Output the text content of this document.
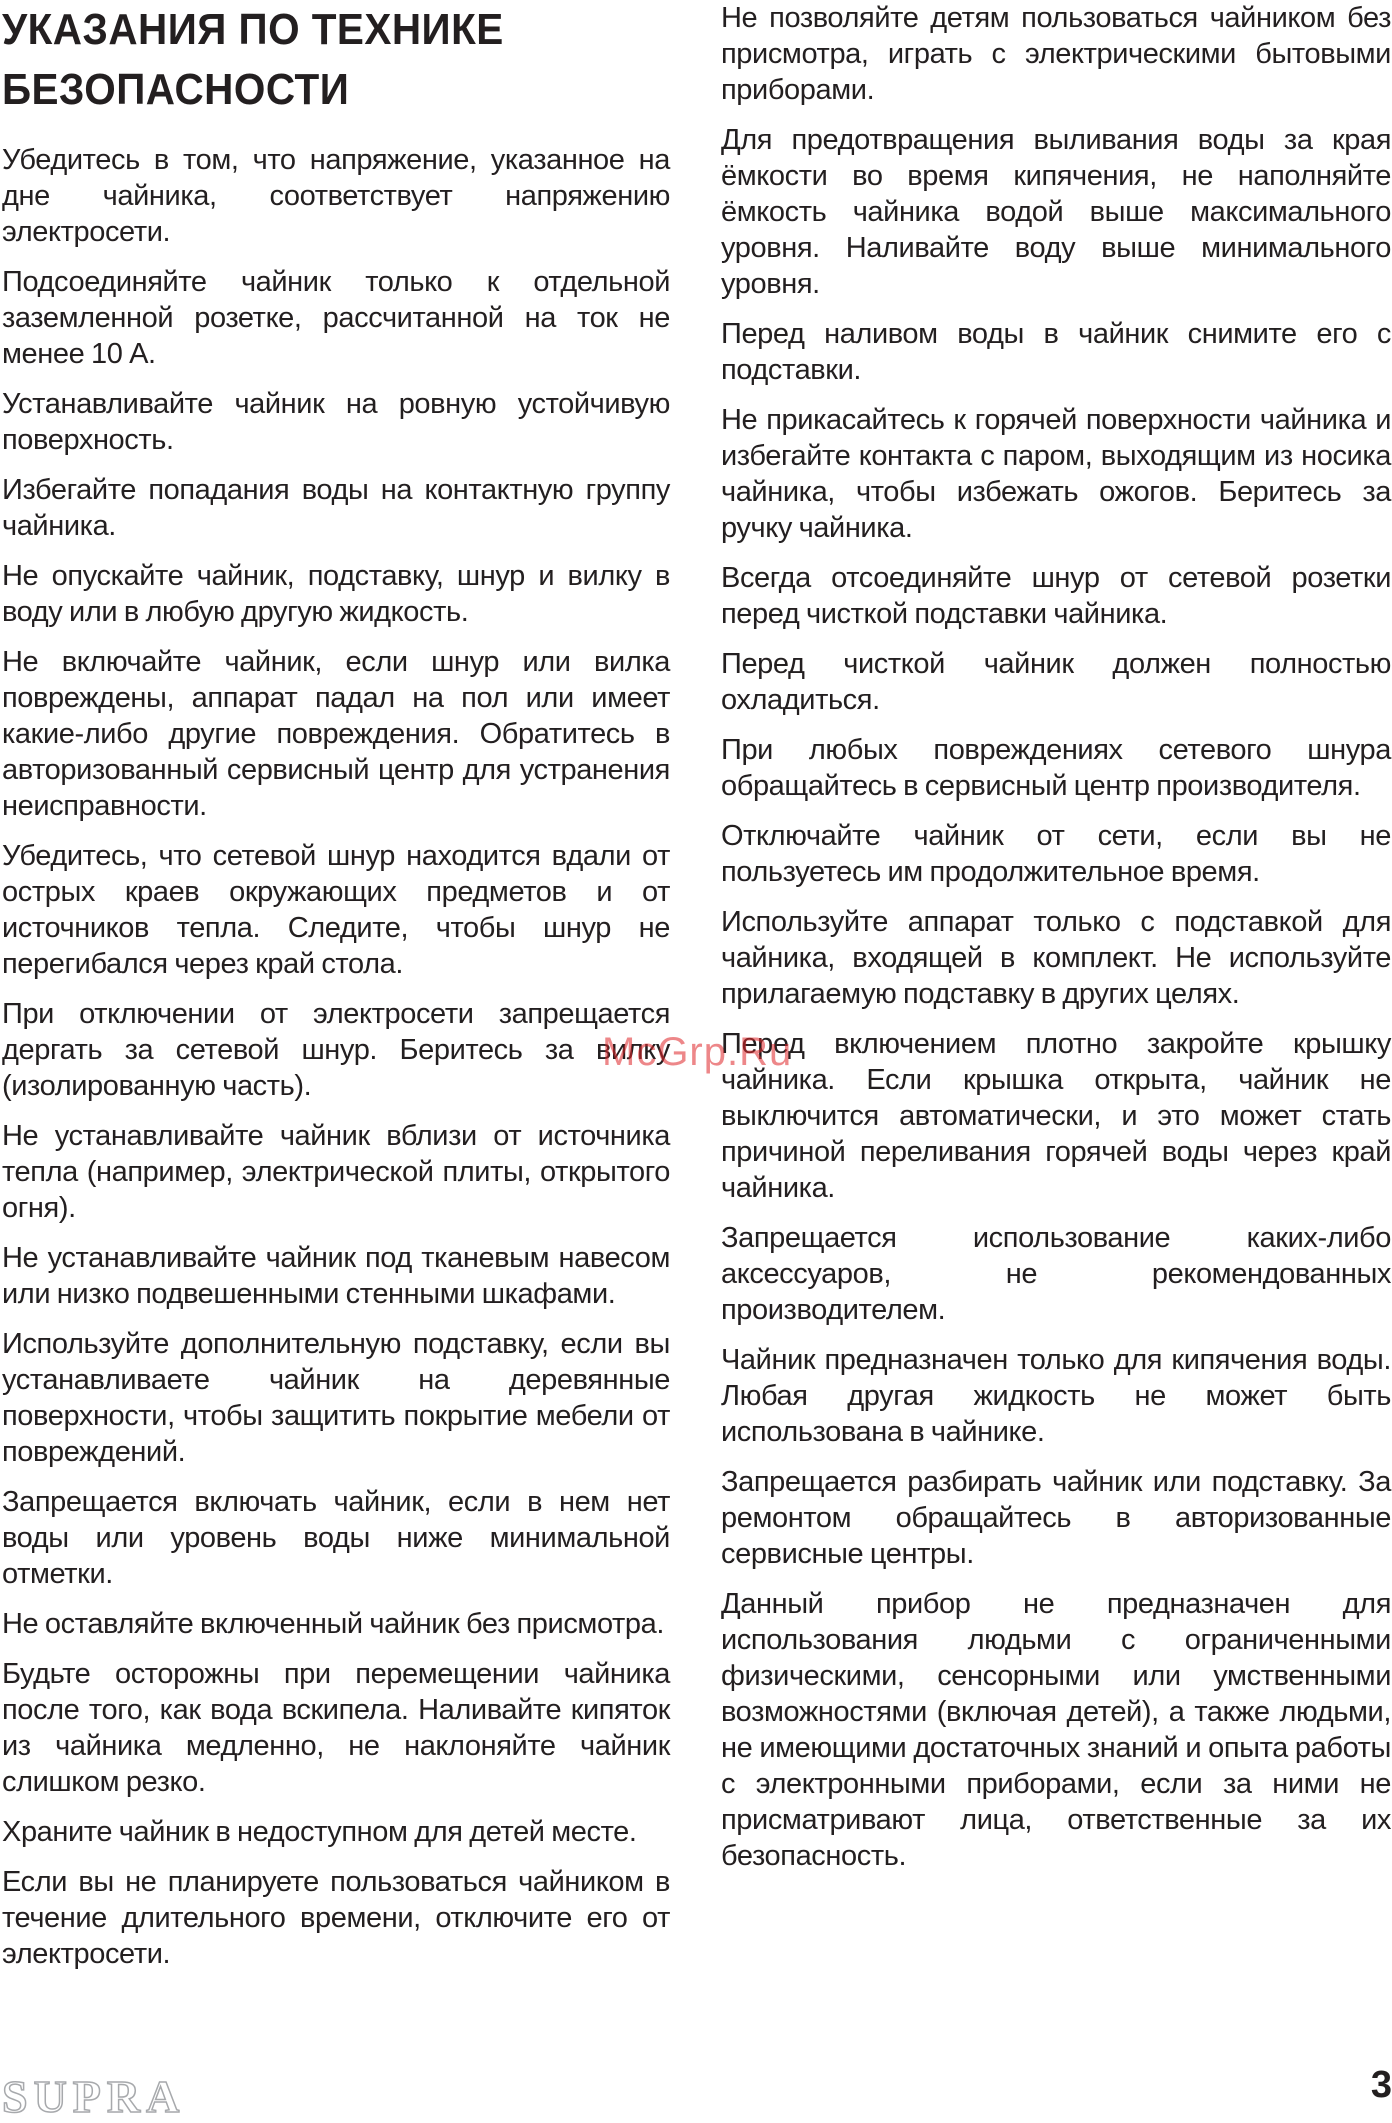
УКАЗАНИЯ ПО ТЕХНИКЕ
БЕЗОПАСНОСТИ

Убедитесь в том, что напряжение, указанное на дне чайника, соответствует напряжению электросети.

Подсоединяйте чайник только к отдельной заземленной розетке, рассчитанной на ток не менее 10 А.

Устанавливайте чайник на ровную устойчивую поверхность.

Избегайте попадания воды на контактную группу чайника.

Не опускайте чайник, подставку, шнур и вилку в воду или в любую другую жидкость.

Не включайте чайник, если шнур или вилка повреждены, аппарат падал на пол или имеет какие-либо другие повреждения. Обратитесь в авторизованный сервисный центр для устранения неисправности.

Убедитесь, что сетевой шнур находится вдали от острых краев окружающих предметов и от источников тепла. Следите, чтобы шнур не перегибался через край стола.

При отключении от электросети запрещается дергать за сетевой шнур. Беритесь за вилку (изолированную часть).

Не устанавливайте чайник вблизи от источника тепла (например, электрической плиты, открытого огня).

Не устанавливайте чайник под тканевым навесом или низко подвешенными стенными шкафами.

Используйте дополнительную подставку, если вы устанавливаете чайник на деревянные поверхности, чтобы защитить покрытие мебели от повреждений.

Запрещается включать чайник, если в нем нет воды или уровень воды ниже минимальной отметки.

Не оставляйте включенный чайник без присмотра.

Будьте осторожны при перемещении чайника после того, как вода вскипела. Наливайте кипяток из чайника медленно, не наклоняйте чайник слишком резко.

Храните чайник в недоступном для детей месте.

Если вы не планируете пользоваться чайником в течение длительного времени, отключите его от электросети.

Не позволяйте детям пользоваться чайником без присмотра, играть с электрическими бытовыми приборами.

Для предотвращения выливания воды за края ёмкости во время кипячения, не наполняйте ёмкость чайника водой выше максимального уровня. Наливайте воду выше минимального уровня.

Перед наливом воды в чайник снимите его с подставки.

Не прикасайтесь к горячей поверхности чайника и избегайте контакта с паром, выходящим из носика чайника, чтобы избежать ожогов. Беритесь за ручку чайника.

Всегда отсоединяйте шнур от сетевой розетки перед чисткой подставки чайника.

Перед чисткой чайник должен полностью охладиться.

При любых повреждениях сетевого шнура обращайтесь в сервисный центр производителя.

Отключайте чайник от сети, если вы не пользуетесь им продолжительное время.

Используйте аппарат только с подставкой для чайника, входящей в комплект. Не используйте прилагаемую подставку в других целях.

Перед включением плотно закройте крышку чайника. Если крышка открыта, чайник не выключится автоматически, и это может стать причиной переливания горячей воды через край чайника.

Запрещается использование каких-либо аксессуаров, не рекомендованных производителем.

Чайник предназначен только для кипячения воды. Любая другая жидкость не может быть использована в чайнике.

Запрещается разбирать чайник или подставку. За ремонтом обращайтесь в авторизованные сервисные центры.

Данный прибор не предназначен для использования людьми с ограниченными физическими, сенсорными или умственными возможностями (включая детей), а также людьми, не имеющими достаточных знаний и опыта работы с электронными приборами, если за ними не присматривают лица, ответственные за их безопасность.

McGrp.Ru
SUPRA	3
